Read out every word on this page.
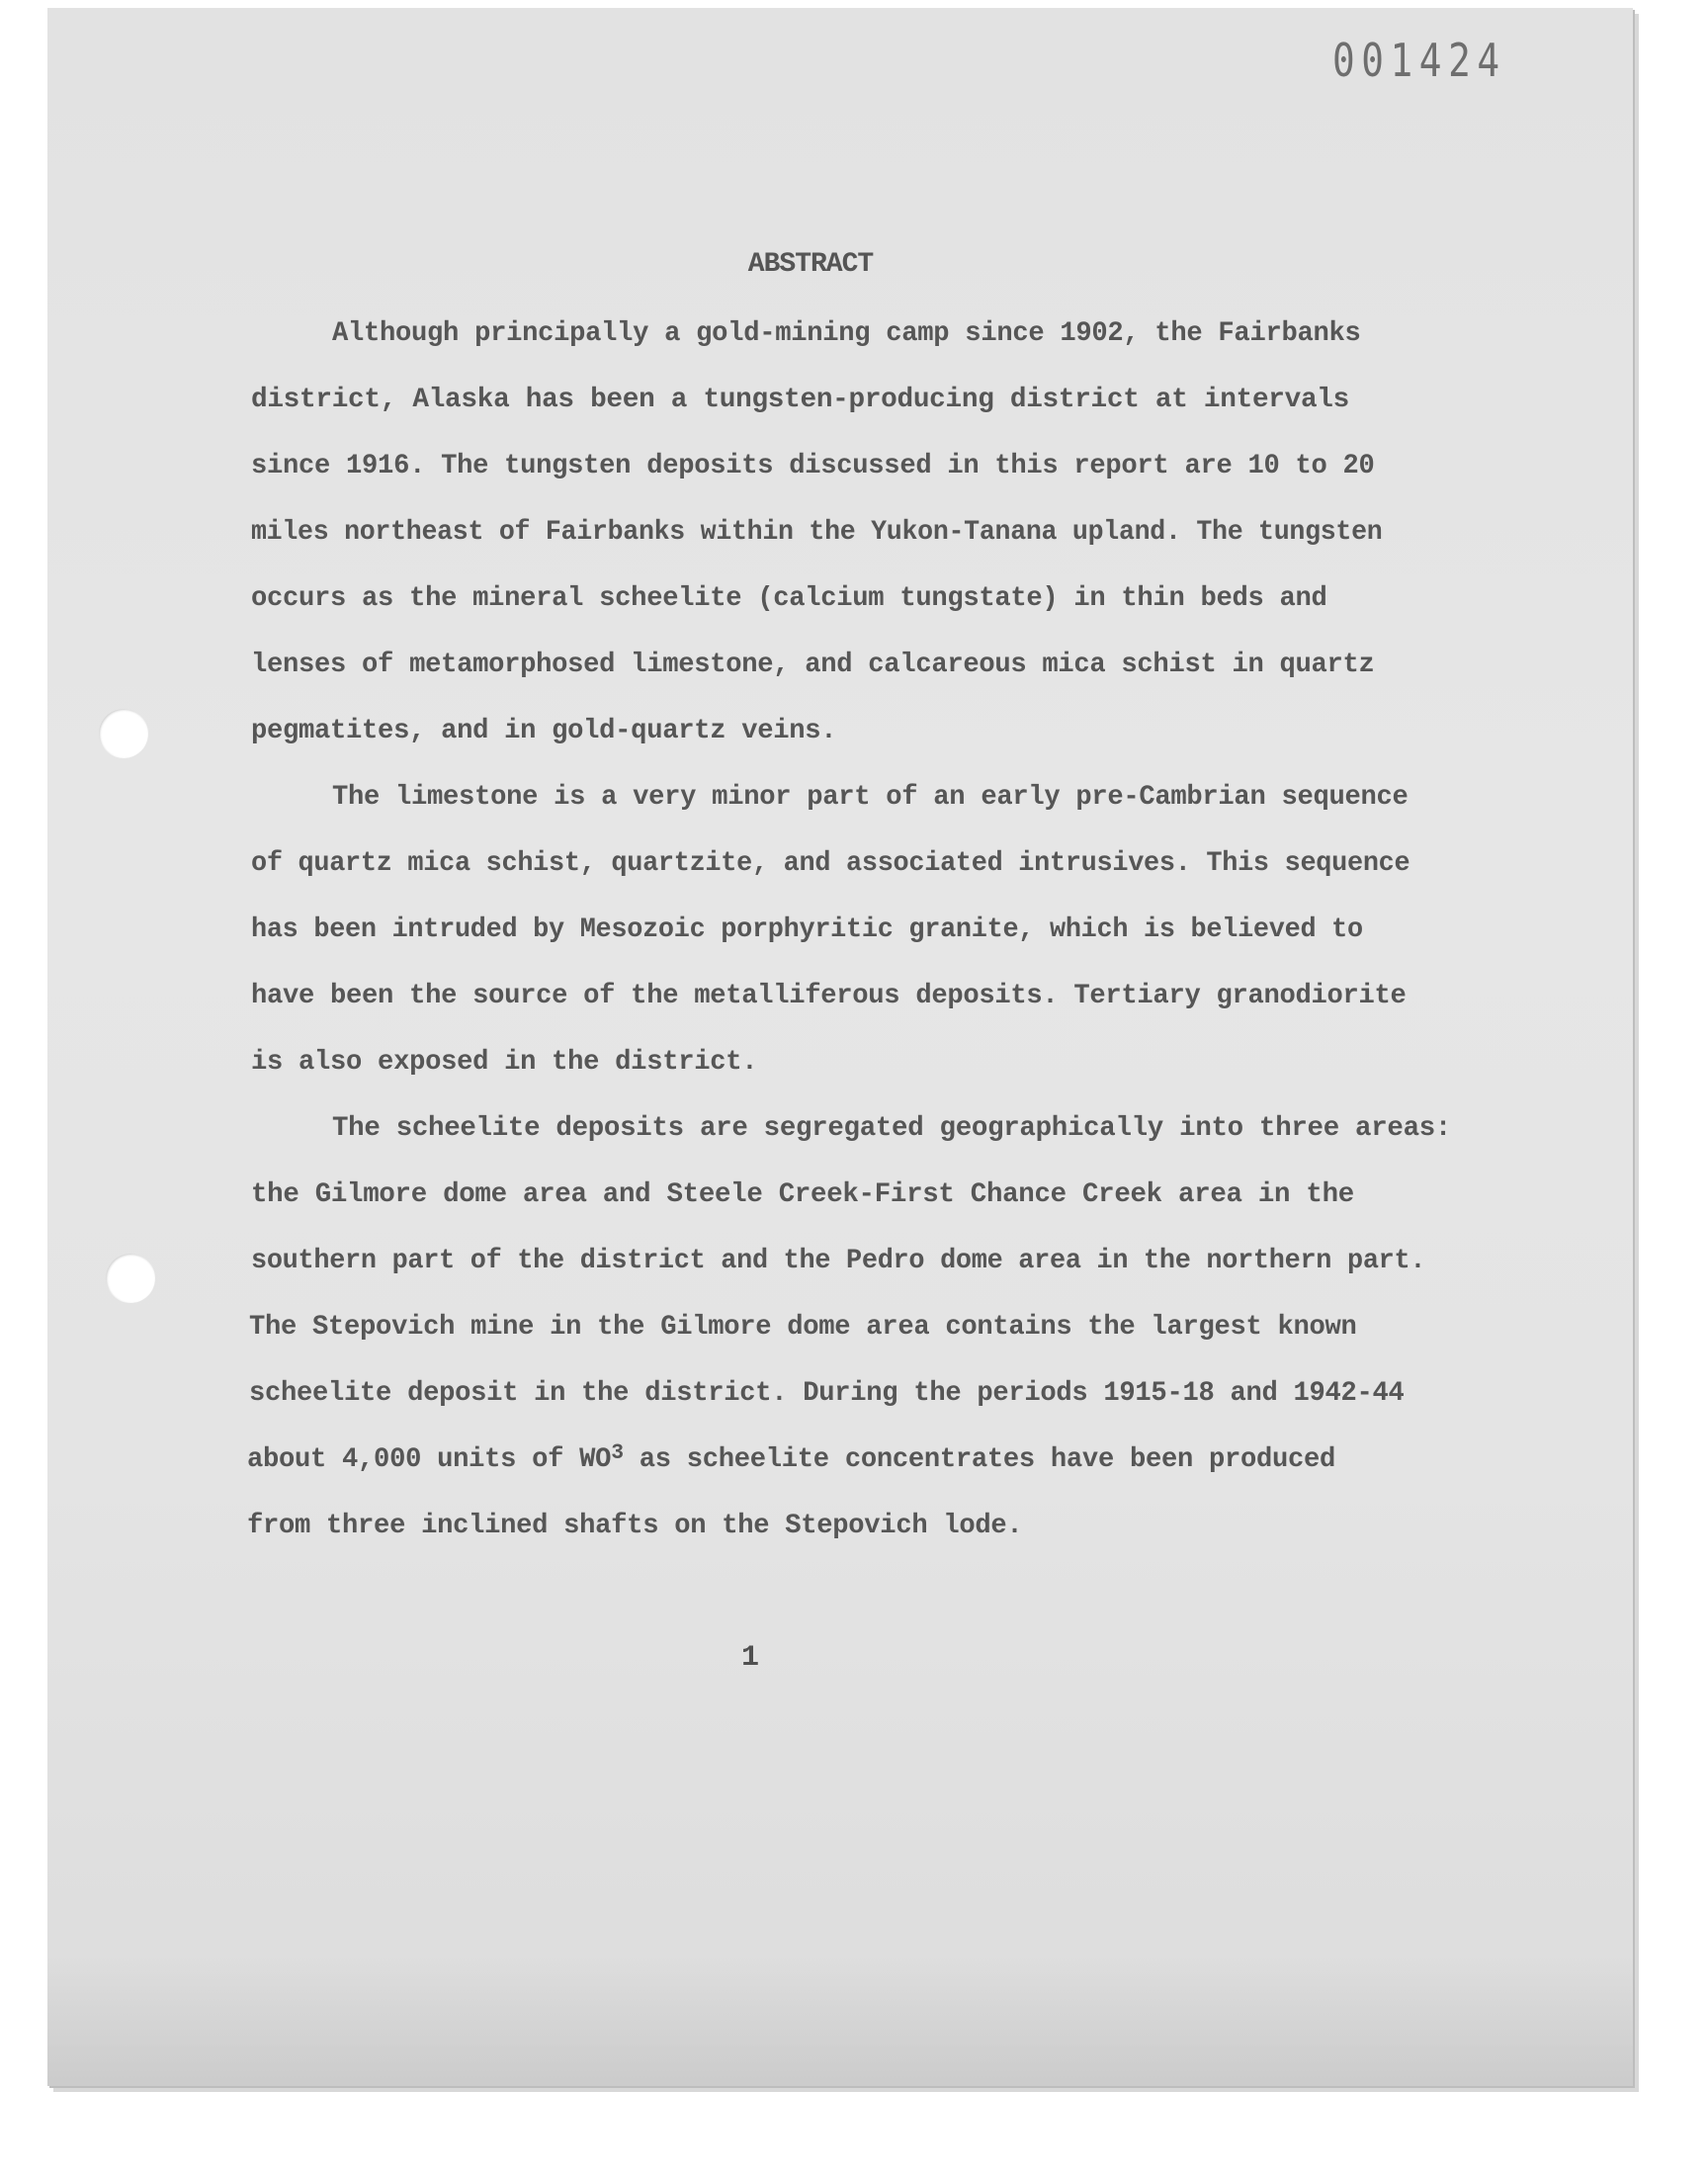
001424
ABSTRACT
Although principally a gold-mining camp since 1902, the Fairbanks
district, Alaska has been a tungsten-producing district at intervals
since 1916. The tungsten deposits discussed in this report are 10 to 20
miles northeast of Fairbanks within the Yukon-Tanana upland. The tungsten
occurs as the mineral scheelite (calcium tungstate) in thin beds and
lenses of metamorphosed limestone, and calcareous mica schist in quartz
pegmatites, and in gold-quartz veins.
The limestone is a very minor part of an early pre-Cambrian sequence
of quartz mica schist, quartzite, and associated intrusives. This sequence
has been intruded by Mesozoic porphyritic granite, which is believed to
have been the source of the metalliferous deposits. Tertiary granodiorite
is also exposed in the district.
The scheelite deposits are segregated geographically into three areas:
the Gilmore dome area and Steele Creek-First Chance Creek area in the
southern part of the district and the Pedro dome area in the northern part.
The Stepovich mine in the Gilmore dome area contains the largest known
scheelite deposit in the district. During the periods 1915-18 and 1942-44
about 4,000 units of $WO^3$ as scheelite concentrates have been produced
from three inclined shafts on the Stepovich lode.
1
